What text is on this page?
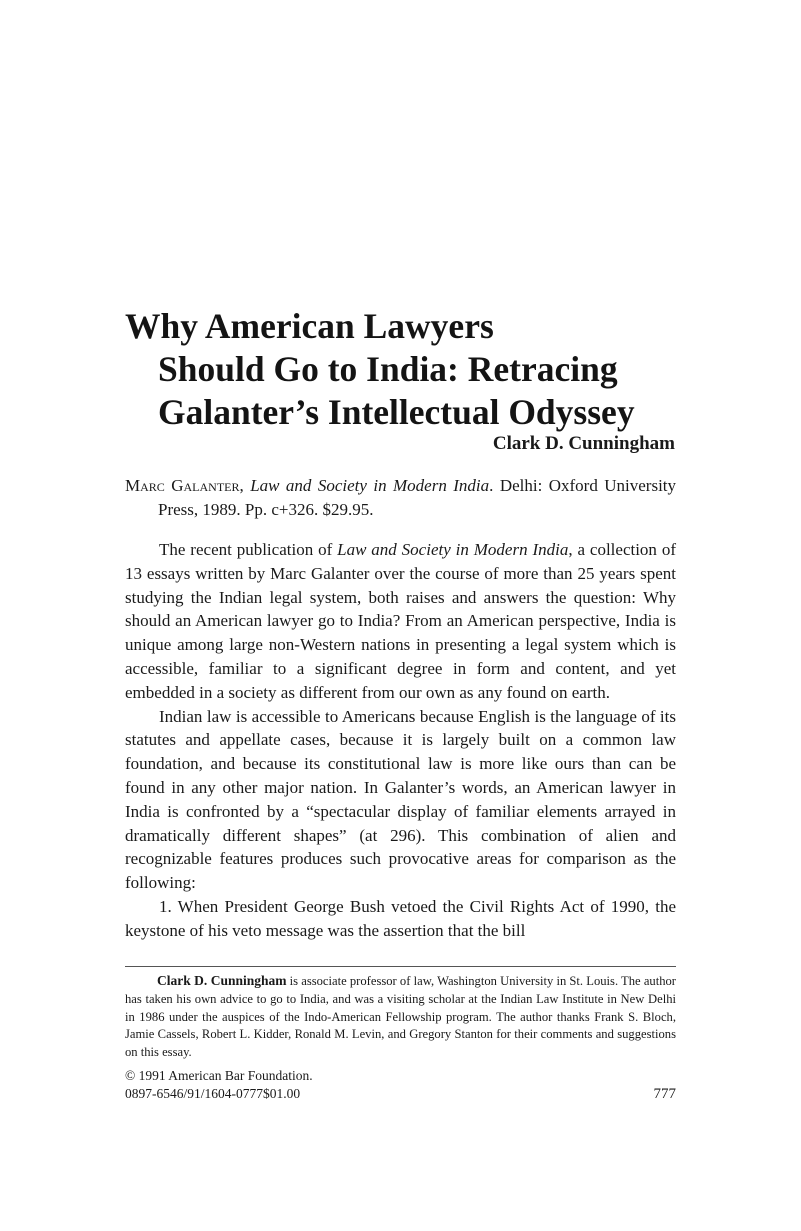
Why American Lawyers
Should Go to India: Retracing
Galanter’s Intellectual Odyssey
Clark D. Cunningham

Marc Galanter, Law and Society in Modern India. Delhi: Oxford University Press, 1989. Pp. c+326. $29.95.

The recent publication of Law and Society in Modern India, a collection of 13 essays written by Marc Galanter over the course of more than 25 years spent studying the Indian legal system, both raises and answers the question: Why should an American lawyer go to India? From an American perspective, India is unique among large non-Western nations in presenting a legal system which is accessible, familiar to a significant degree in form and content, and yet embedded in a society as different from our own as any found on earth.

Indian law is accessible to Americans because English is the language of its statutes and appellate cases, because it is largely built on a common law foundation, and because its constitutional law is more like ours than can be found in any other major nation. In Galanter’s words, an American lawyer in India is confronted by a “spectacular display of familiar elements arrayed in dramatically different shapes” (at 296). This combination of alien and recognizable features produces such provocative areas for comparison as the following:

1. When President George Bush vetoed the Civil Rights Act of 1990, the keystone of his veto message was the assertion that the bill

Clark D. Cunningham is associate professor of law, Washington University in St. Louis. The author has taken his own advice to go to India, and was a visiting scholar at the Indian Law Institute in New Delhi in 1986 under the auspices of the Indo-American Fellowship program. The author thanks Frank S. Bloch, Jamie Cassels, Robert L. Kidder, Ronald M. Levin, and Gregory Stanton for their comments and suggestions on this essay.

© 1991 American Bar Foundation.
0897-6546/91/1604-0777$01.00	777
